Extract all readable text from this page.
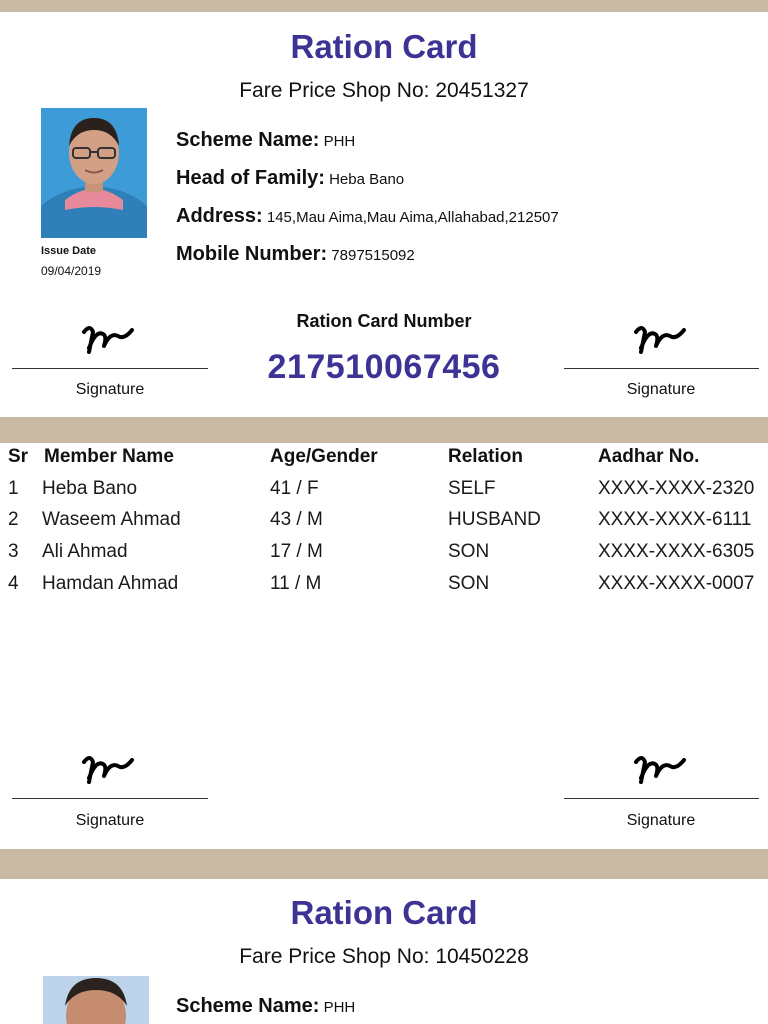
Ration Card
Fare Price Shop No: 20451327
Issue Date
09/04/2019
Scheme Name: PHH
Head of Family: Heba Bano
Address: 145,Mau Aima,Mau Aima,Allahabad,212507
Mobile Number: 7897515092
Signature
Ration Card Number
217510067456
Signature
Sr Member Name	Age/Gender	Relation	Aadhar No.
1 Heba Bano	41 / F	SELF	XXXX-XXXX-2320
2 Waseem Ahmad	43 / M	HUSBAND	XXXX-XXXX-6111
3 Ali Ahmad	17 / M	SON	XXXX-XXXX-6305
4 Hamdan Ahmad	11 / M	SON	XXXX-XXXX-0007
Signature	Signature
Ration Card
Fare Price Shop No: 10450228
Scheme Name: PHH
